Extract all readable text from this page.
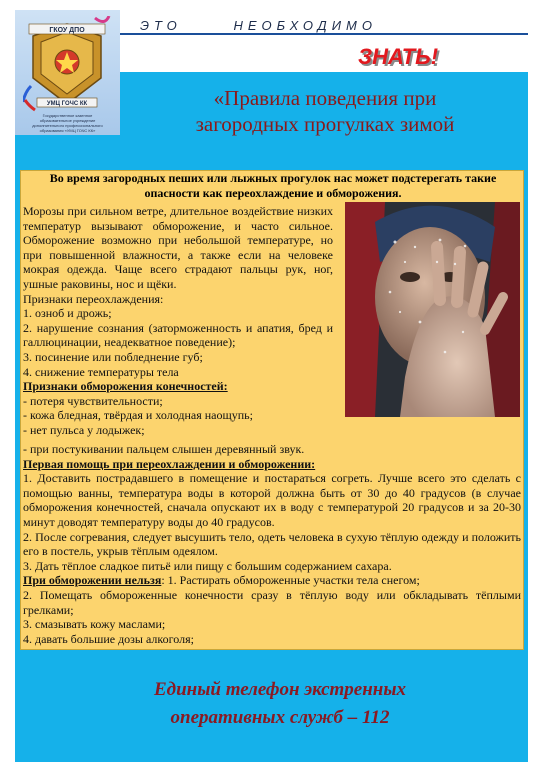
ЭТО      НЕОБХОДИМО
ЗНАТЬ!
ГКОУ ДПО
УМЦ ГОЧС КК
Государственное казенное образовательное учреждение дополнительного профессионального образования «УМЦ ГОЧС КК»
«Правила поведения при
загородных прогулках зимой
Во время загородных пеших или лыжных прогулок нас может подстерегать такие опасности как переохлаждение и обморожения.
Морозы при сильном ветре, длительное воздействие низких температур вызывают обморожение, и часто сильное. Обморожение возможно при небольшой температуре, но при повышенной влажности, а также если на человеке мокрая одежда. Чаще всего страдают пальцы рук, ног, ушные раковины, нос и щёки.
Признаки переохлаждения:
1. озноб и дрожь;
2. нарушение сознания (заторможенность и апатия, бред и галлюцинации, неадекватное поведение);
3. посинение или побледнение губ;
4. снижение температуры тела
Признаки обморожения конечностей:
- потеря чувствительности;
- кожа бледная, твёрдая и холодная наощупь;
- нет пульса у лодыжек;
- при постукивании пальцем слышен деревянный звук.
Первая помощь при переохлаждении и обморожении:
1. Доставить пострадавшего в помещение и постараться согреть. Лучше всего это сделать с помощью ванны, температура воды в которой должна быть от 30 до 40 градусов (в случае обморожения конечностей, сначала опускают их в воду с температурой 20 градусов и за 20-30 минут доводят температуру воды до 40 градусов.
2. После согревания, следует высушить тело, одеть человека в сухую тёплую одежду и положить его в постель, укрыв тёплым одеялом.
3. Дать тёплое сладкое питьё или пищу с большим содержанием сахара.
При обморожении нельзя: 1. Растирать обмороженные участки тела снегом;
2. Помещать обмороженные конечности сразу в тёплую воду или обкладывать тёплыми грелками;
3. смазывать кожу маслами;
4. давать большие дозы алкоголя;
Единый телефон экстренных
оперативных служб – 112
